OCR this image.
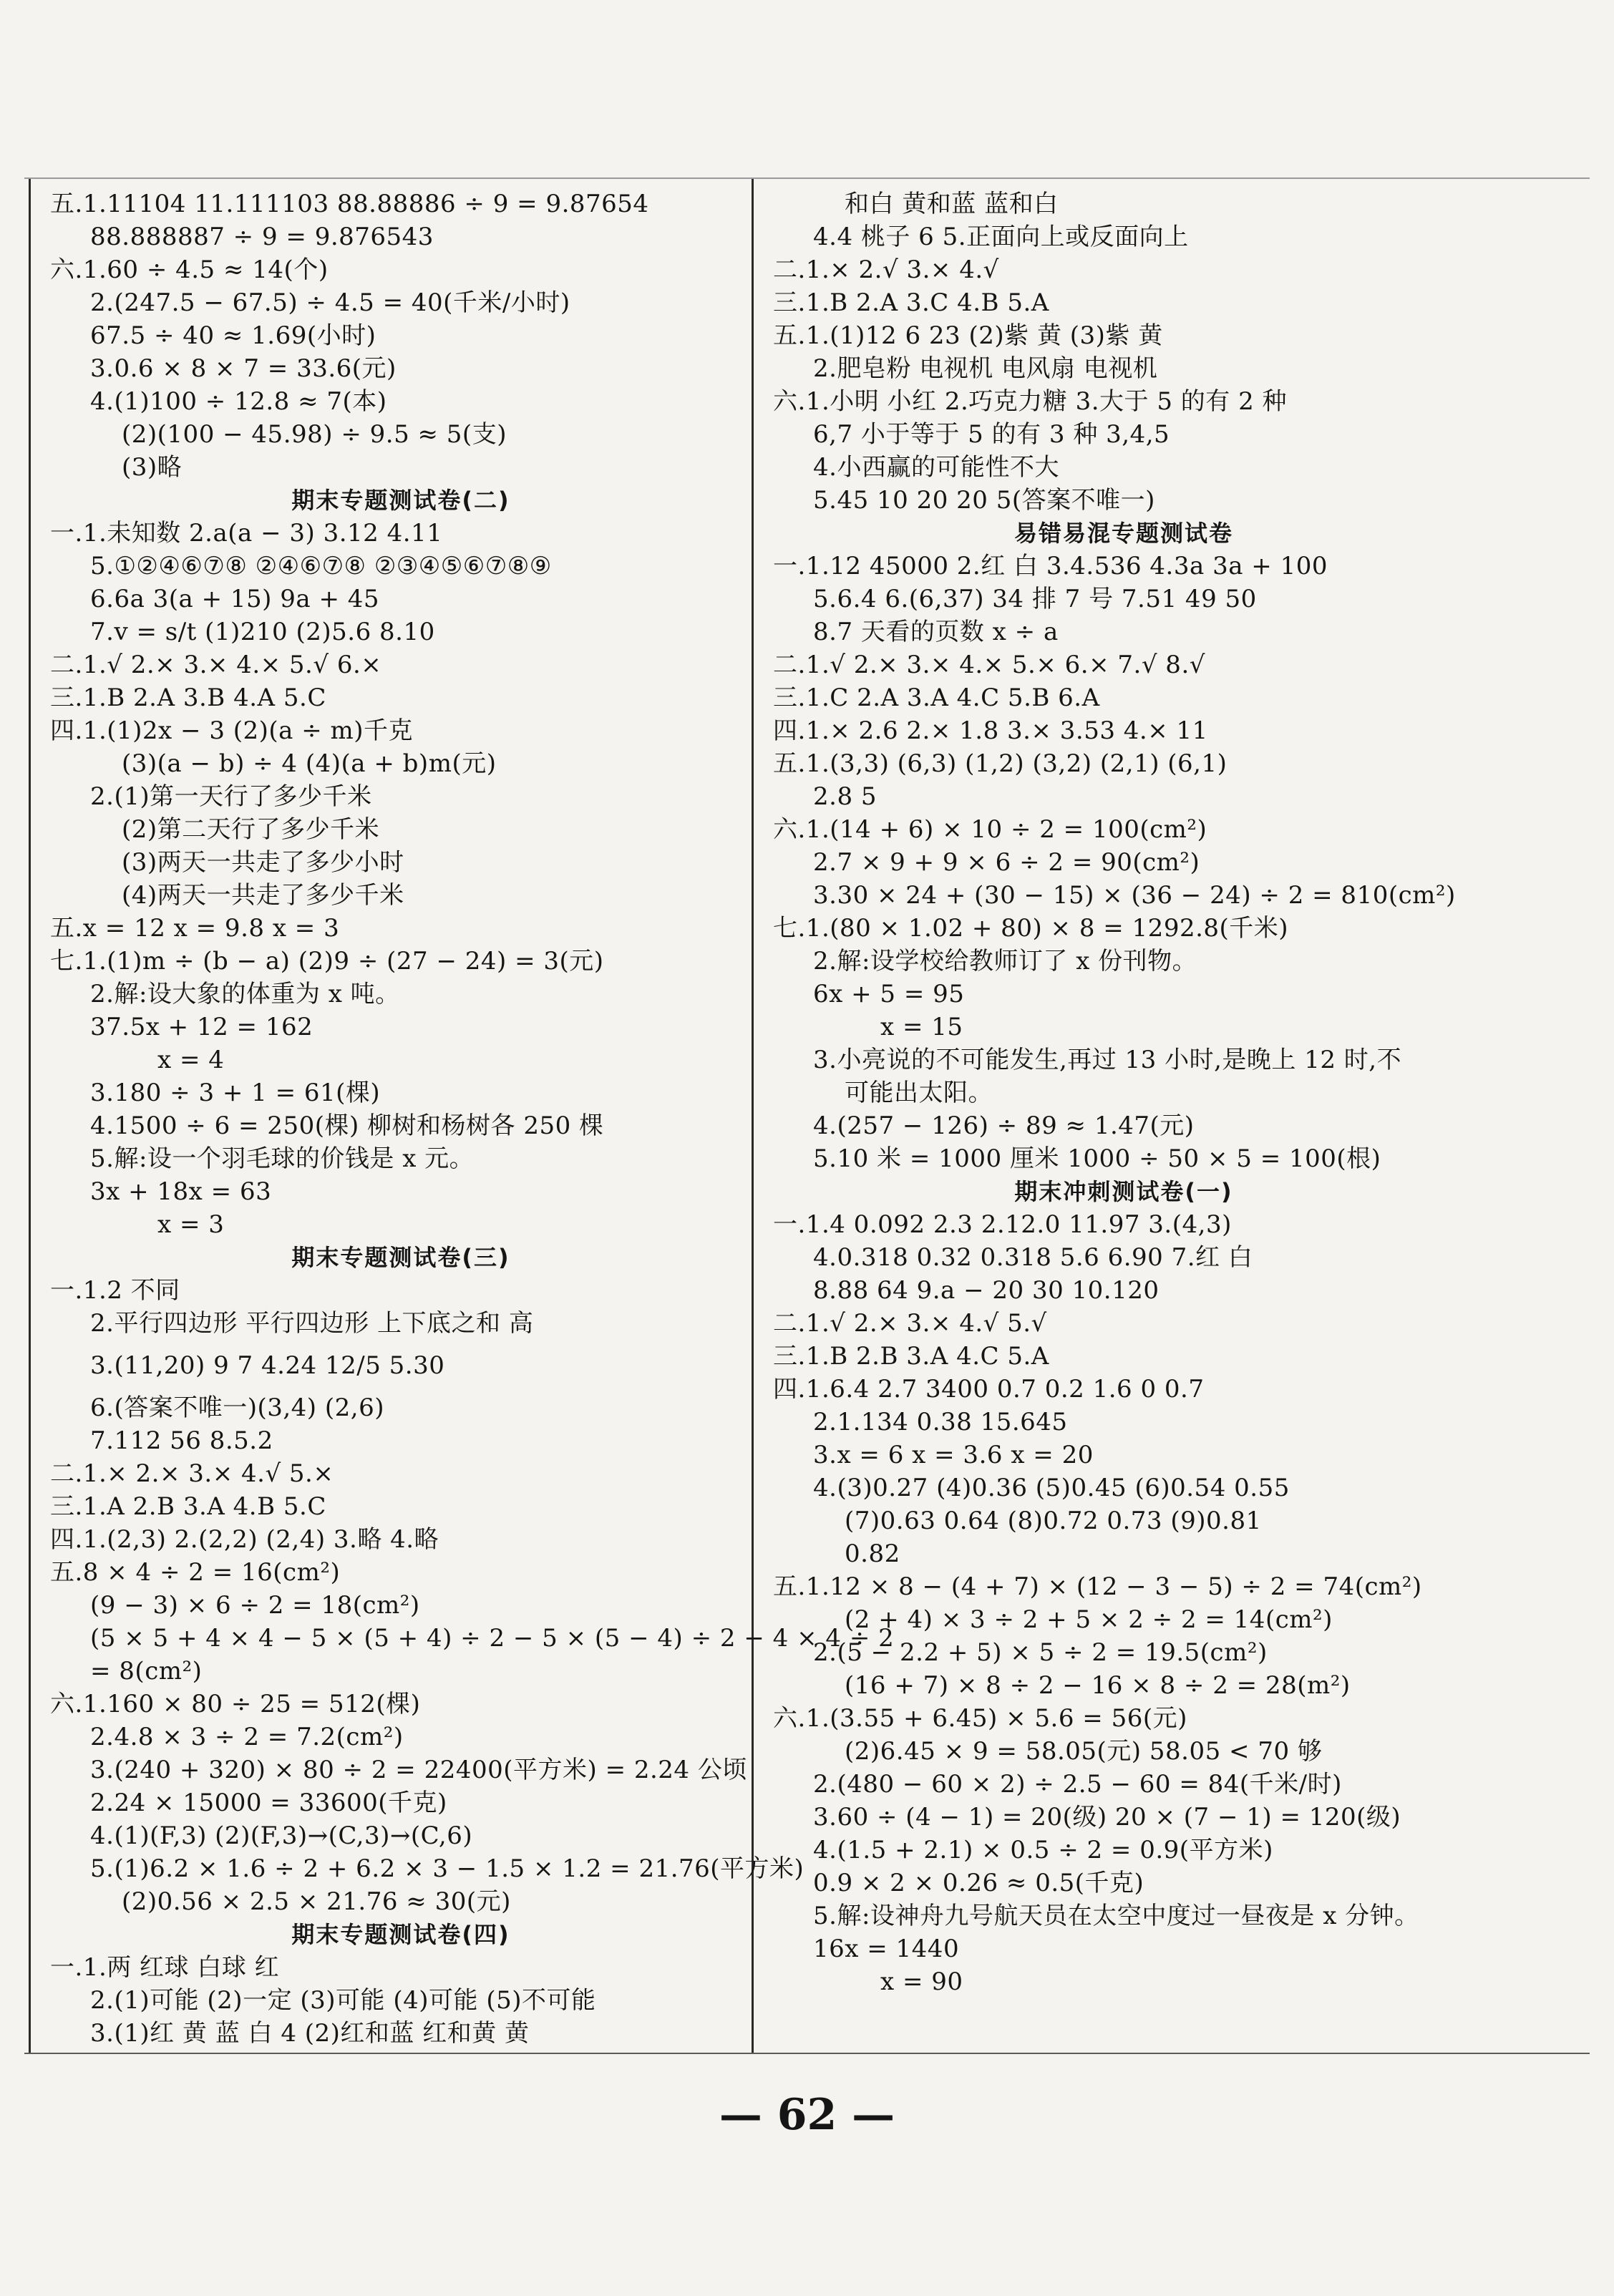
五.1.11104 11.111103 88.88886 ÷ 9 = 9.87654
88.888887 ÷ 9 = 9.876543
六.1.60 ÷ 4.5 ≈ 14(个)
2.(247.5 − 67.5) ÷ 4.5 = 40(千米/小时)
67.5 ÷ 40 ≈ 1.69(小时)
3.0.6 × 8 × 7 = 33.6(元)
4.(1)100 ÷ 12.8 ≈ 7(本)
(2)(100 − 45.98) ÷ 9.5 ≈ 5(支)
(3)略
期末专题测试卷(二)
一.1.未知数 2.a(a − 3) 3.12 4.11
5.①②④⑥⑦⑧ ②④⑥⑦⑧ ②③④⑤⑥⑦⑧⑨
6.6a 3(a + 15) 9a + 45
7.v = s/t (1)210 (2)5.6 8.10
二.1.√ 2.× 3.× 4.× 5.√ 6.×
三.1.B 2.A 3.B 4.A 5.C
四.1.(1)2x − 3 (2)(a ÷ m)千克
(3)(a − b) ÷ 4 (4)(a + b)m(元)
2.(1)第一天行了多少千米
(2)第二天行了多少千米
(3)两天一共走了多少小时
(4)两天一共走了多少千米
五.x = 12 x = 9.8 x = 3
七.1.(1)m ÷ (b − a) (2)9 ÷ (27 − 24) = 3(元)
2.解:设大象的体重为 x 吨。
37.5x + 12 = 162
x = 4
3.180 ÷ 3 + 1 = 61(棵)
4.1500 ÷ 6 = 250(棵) 柳树和杨树各 250 棵
5.解:设一个羽毛球的价钱是 x 元。
3x + 18x = 63
x = 3
期末专题测试卷(三)
一.1.2 不同
2.平行四边形 平行四边形 上下底之和 高
3.(11,20) 9 7 4.24 12/5 5.30
6.(答案不唯一)(3,4) (2,6)
7.112 56 8.5.2
二.1.× 2.× 3.× 4.√ 5.×
三.1.A 2.B 3.A 4.B 5.C
四.1.(2,3) 2.(2,2) (2,4) 3.略 4.略
五.8 × 4 ÷ 2 = 16(cm²)
(9 − 3) × 6 ÷ 2 = 18(cm²)
(5 × 5 + 4 × 4 − 5 × (5 + 4) ÷ 2 − 5 × (5 − 4) ÷ 2 − 4 × 4 ÷ 2
= 8(cm²)
六.1.160 × 80 ÷ 25 = 512(棵)
2.4.8 × 3 ÷ 2 = 7.2(cm²)
3.(240 + 320) × 80 ÷ 2 = 22400(平方米) = 2.24 公顷
2.24 × 15000 = 33600(千克)
4.(1)(F,3) (2)(F,3)→(C,3)→(C,6)
5.(1)6.2 × 1.6 ÷ 2 + 6.2 × 3 − 1.5 × 1.2 = 21.76(平方米)
(2)0.56 × 2.5 × 21.76 ≈ 30(元)
期末专题测试卷(四)
一.1.两 红球 白球 红
2.(1)可能 (2)一定 (3)可能 (4)可能 (5)不可能
3.(1)红 黄 蓝 白 4 (2)红和蓝 红和黄 黄
和白 黄和蓝 蓝和白
4.4 桃子 6 5.正面向上或反面向上
二.1.× 2.√ 3.× 4.√
三.1.B 2.A 3.C 4.B 5.A
五.1.(1)12 6 23 (2)紫 黄 (3)紫 黄
2.肥皂粉 电视机 电风扇 电视机
六.1.小明 小红 2.巧克力糖 3.大于 5 的有 2 种
6,7 小于等于 5 的有 3 种 3,4,5
4.小西赢的可能性不大
5.45 10 20 20 5(答案不唯一)
易错易混专题测试卷
一.1.12 45000 2.红 白 3.4.536 4.3a 3a + 100
5.6.4 6.(6,37) 34 排 7 号 7.51 49 50
8.7 天看的页数 x ÷ a
二.1.√ 2.× 3.× 4.× 5.× 6.× 7.√ 8.√
三.1.C 2.A 3.A 4.C 5.B 6.A
四.1.× 2.6 2.× 1.8 3.× 3.53 4.× 11
五.1.(3,3) (6,3) (1,2) (3,2) (2,1) (6,1)
2.8 5
六.1.(14 + 6) × 10 ÷ 2 = 100(cm²)
2.7 × 9 + 9 × 6 ÷ 2 = 90(cm²)
3.30 × 24 + (30 − 15) × (36 − 24) ÷ 2 = 810(cm²)
七.1.(80 × 1.02 + 80) × 8 = 1292.8(千米)
2.解:设学校给教师订了 x 份刊物。
6x + 5 = 95
x = 15
3.小亮说的不可能发生,再过 13 小时,是晚上 12 时,不
可能出太阳。
4.(257 − 126) ÷ 89 ≈ 1.47(元)
5.10 米 = 1000 厘米 1000 ÷ 50 × 5 = 100(根)
期末冲刺测试卷(一)
一.1.4 0.092 2.3 2.12.0 11.97 3.(4,3)
4.0.318 0.32 0.318 5.6 6.90 7.红 白
8.88 64 9.a − 20 30 10.120
二.1.√ 2.× 3.× 4.√ 5.√
三.1.B 2.B 3.A 4.C 5.A
四.1.6.4 2.7 3400 0.7 0.2 1.6 0 0.7
2.1.134 0.38 15.645
3.x = 6 x = 3.6 x = 20
4.(3)0.27 (4)0.36 (5)0.45 (6)0.54 0.55
(7)0.63 0.64 (8)0.72 0.73 (9)0.81
0.82
五.1.12 × 8 − (4 + 7) × (12 − 3 − 5) ÷ 2 = 74(cm²)
(2 + 4) × 3 ÷ 2 + 5 × 2 ÷ 2 = 14(cm²)
2.(5 − 2.2 + 5) × 5 ÷ 2 = 19.5(cm²)
(16 + 7) × 8 ÷ 2 − 16 × 8 ÷ 2 = 28(m²)
六.1.(3.55 + 6.45) × 5.6 = 56(元)
(2)6.45 × 9 = 58.05(元) 58.05 < 70 够
2.(480 − 60 × 2) ÷ 2.5 − 60 = 84(千米/时)
3.60 ÷ (4 − 1) = 20(级) 20 × (7 − 1) = 120(级)
4.(1.5 + 2.1) × 0.5 ÷ 2 = 0.9(平方米)
0.9 × 2 × 0.26 ≈ 0.5(千克)
5.解:设神舟九号航天员在太空中度过一昼夜是 x 分钟。
16x = 1440
x = 90
— 62 —
